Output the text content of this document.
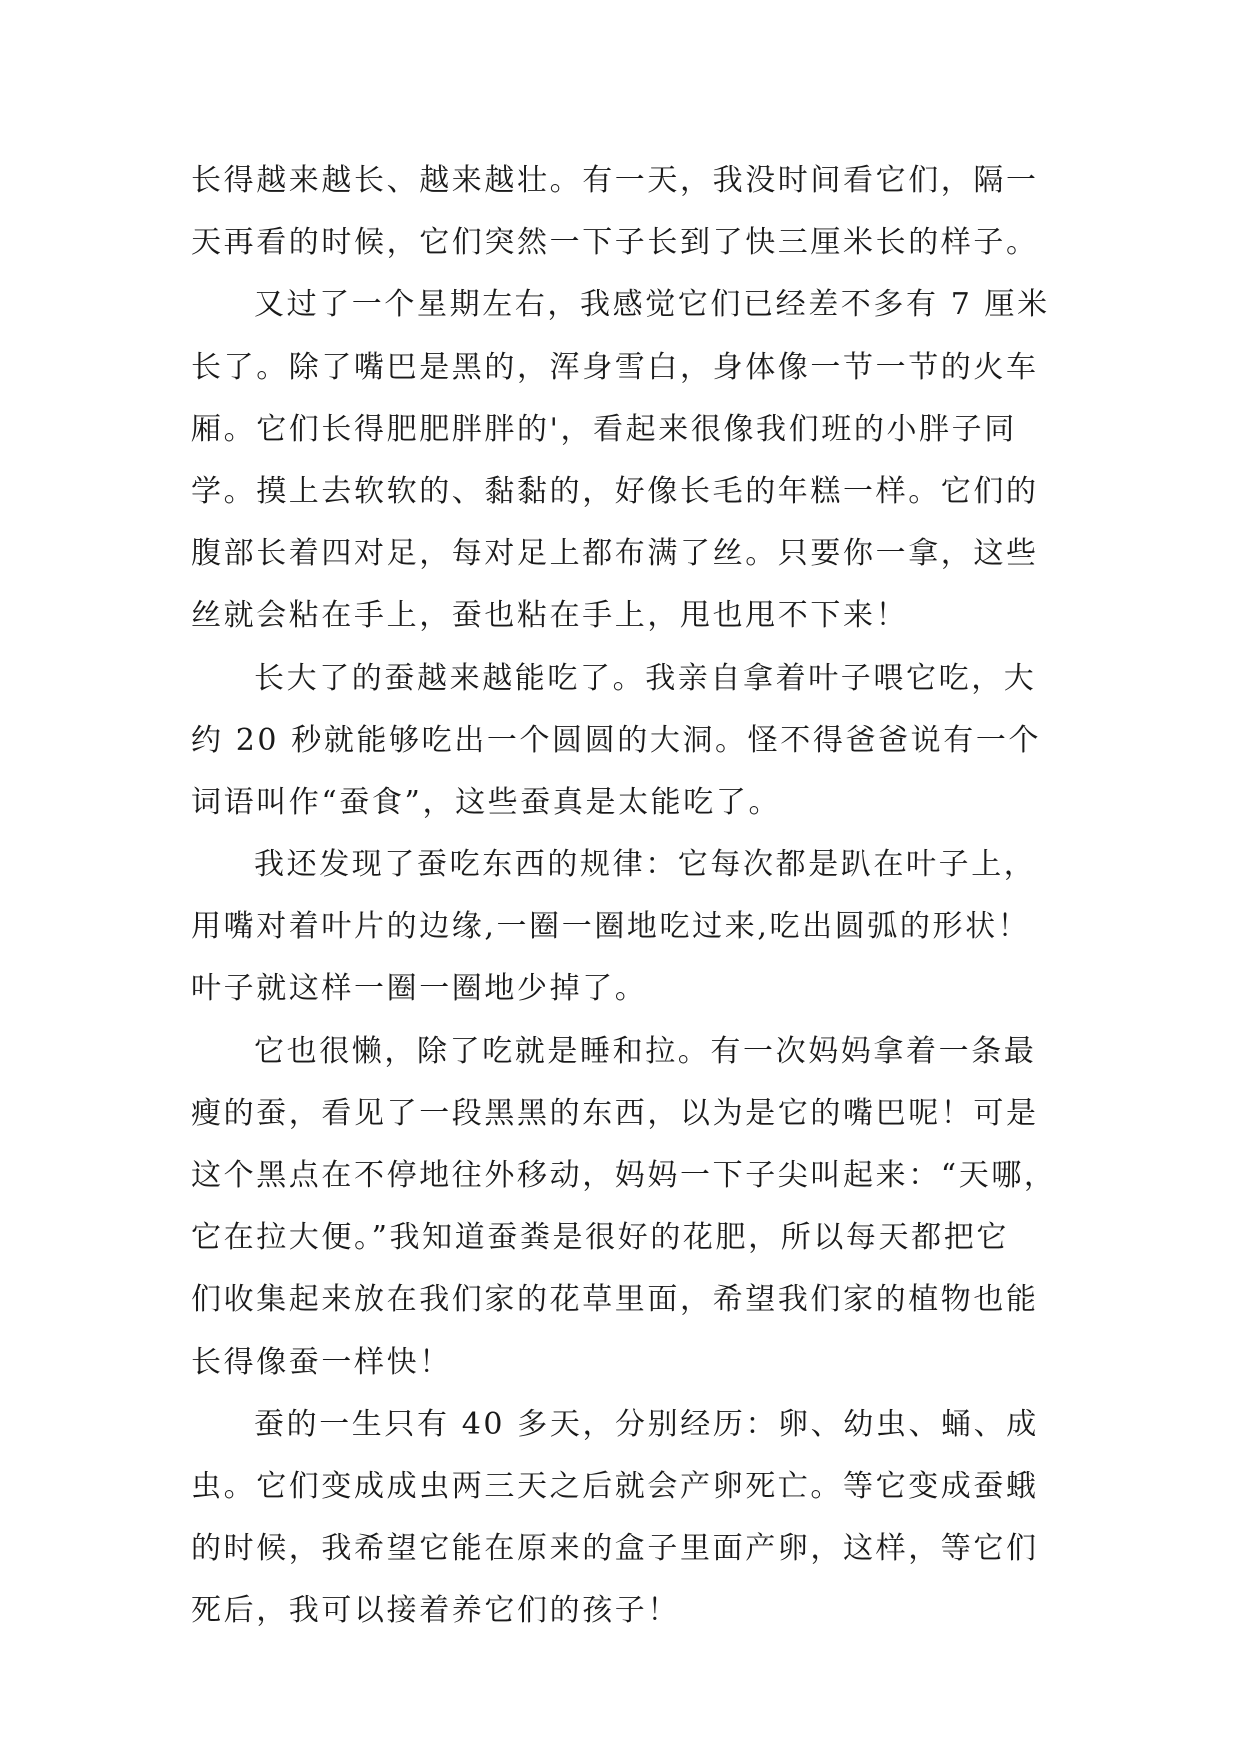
长得越来越长、越来越壮。有一天，我没时间看它们，隔一
天再看的时候，它们突然一下子长到了快三厘米长的样子。

又过了一个星期左右，我感觉它们已经差不多有 7 厘米
长了。除了嘴巴是黑的，浑身雪白，身体像一节一节的火车
厢。它们长得肥肥胖胖的'，看起来很像我们班的小胖子同
学。摸上去软软的、黏黏的，好像长毛的年糕一样。它们的
腹部长着四对足，每对足上都布满了丝。只要你一拿，这些
丝就会粘在手上，蚕也粘在手上，甩也甩不下来！

长大了的蚕越来越能吃了。我亲自拿着叶子喂它吃，大
约 20 秒就能够吃出一个圆圆的大洞。怪不得爸爸说有一个
词语叫作“蚕食”，这些蚕真是太能吃了。

我还发现了蚕吃东西的规律：它每次都是趴在叶子上，
用嘴对着叶片的边缘,一圈一圈地吃过来,吃出圆弧的形状！
叶子就这样一圈一圈地少掉了。

它也很懒，除了吃就是睡和拉。有一次妈妈拿着一条最
瘦的蚕，看见了一段黑黑的东西，以为是它的嘴巴呢！可是
这个黑点在不停地往外移动，妈妈一下子尖叫起来：“天哪，
它在拉大便。”我知道蚕粪是很好的花肥，所以每天都把它
们收集起来放在我们家的花草里面，希望我们家的植物也能
长得像蚕一样快！

蚕的一生只有 40 多天，分别经历：卵、幼虫、蛹、成
虫。它们变成成虫两三天之后就会产卵死亡。等它变成蚕蛾
的时候，我希望它能在原来的盒子里面产卵，这样，等它们
死后，我可以接着养它们的孩子！
